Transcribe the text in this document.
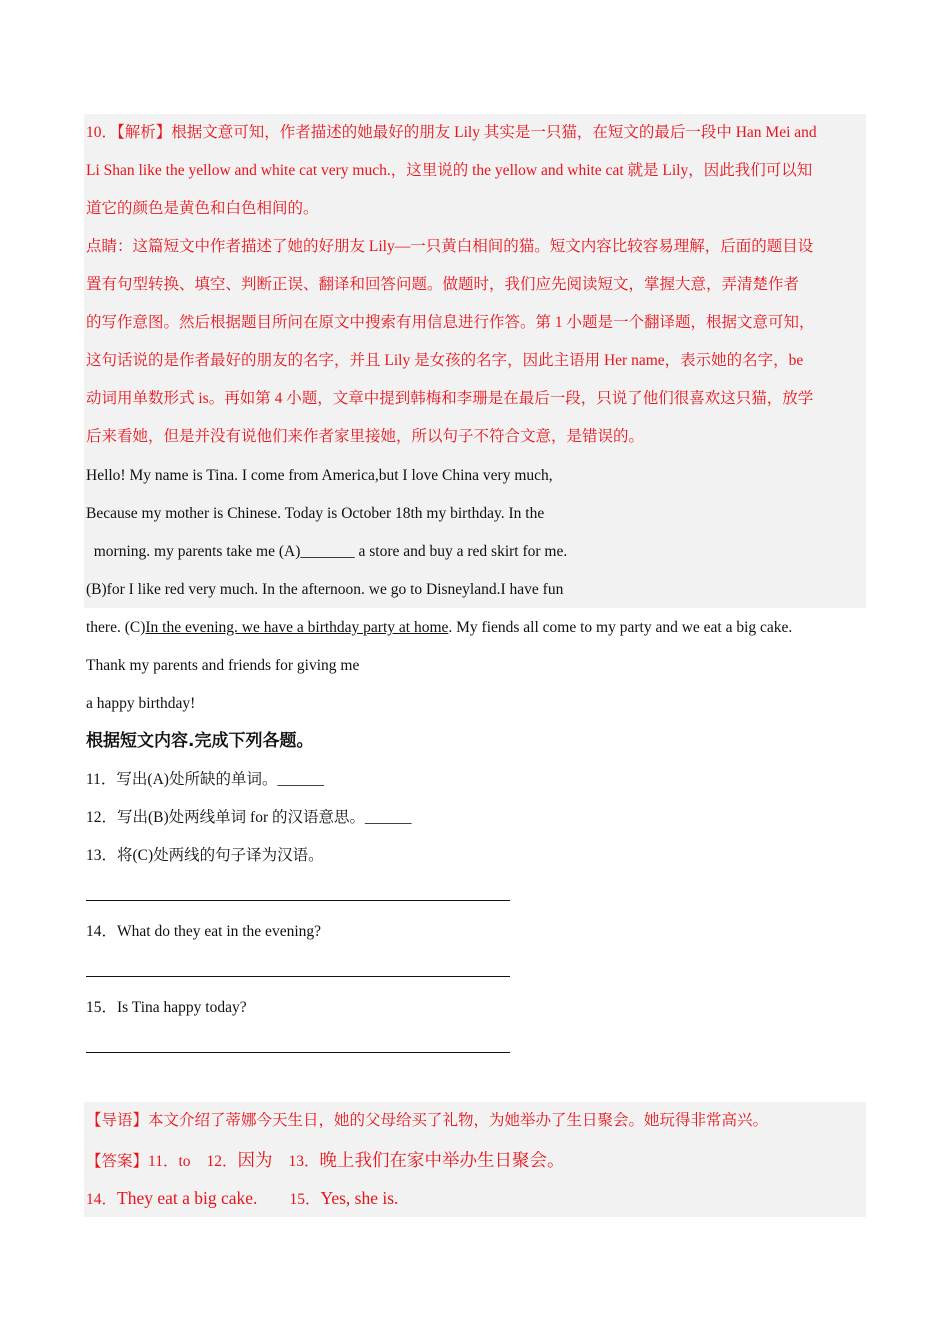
10．【解析】根据文意可知，作者描述的她最好的朋友 Lily 其实是一只猫，在短文的最后一段中 Han Mei and
Li Shan like the yellow and white cat very much.，这里说的 the yellow and white cat 就是 Lily，因此我们可以知
道它的颜色是黄色和白色相间的。
点睛：这篇短文中作者描述了她的好朋友 Lily—一只黄白相间的猫。短文内容比较容易理解，后面的题目设
置有句型转换、填空、判断正误、翻译和回答问题。做题时，我们应先阅读短文，掌握大意，弄清楚作者
的写作意图。然后根据题目所问在原文中搜索有用信息进行作答。第 1 小题是一个翻译题，根据文意可知，
这句话说的是作者最好的朋友的名字，并且 Lily 是女孩的名字，因此主语用 Her name，表示她的名字，be
动词用单数形式 is。再如第 4 小题，文章中提到韩梅和李珊是在最后一段，只说了他们很喜欢这只猫，放学
后来看她，但是并没有说他们来作者家里接她，所以句子不符合文意，是错误的。
Hello! My name is Tina. I come from America,but I love China very much,
Because my mother is Chinese. Today is October 18th my birthday. In the
morning. my parents take me (A)_______ a store and buy a red skirt for me.
(B)for I like red very much. In the afternoon. we go to Disneyland.I have fun
there. (C)In the evening. we have a birthday party at home. My fiends all come to my party and we eat a big cake.
Thank my parents and friends for giving me
a happy birthday!
根据短文内容.完成下列各题。
11．写出(A)处所缺的单词。______
12．写出(B)处两线单词 for 的汉语意思。______
13．将(C)处两线的句子译为汉语。
14．What do they eat in the evening?
15．Is Tina happy today?
【导语】本文介绍了蒂娜今天生日，她的父母给买了礼物，为她举办了生日聚会。她玩得非常高兴。
【答案】11．to 12．因为 13．晚上我们在家中举办生日聚会。
14．They eat a big cake. 15．Yes, she is.
